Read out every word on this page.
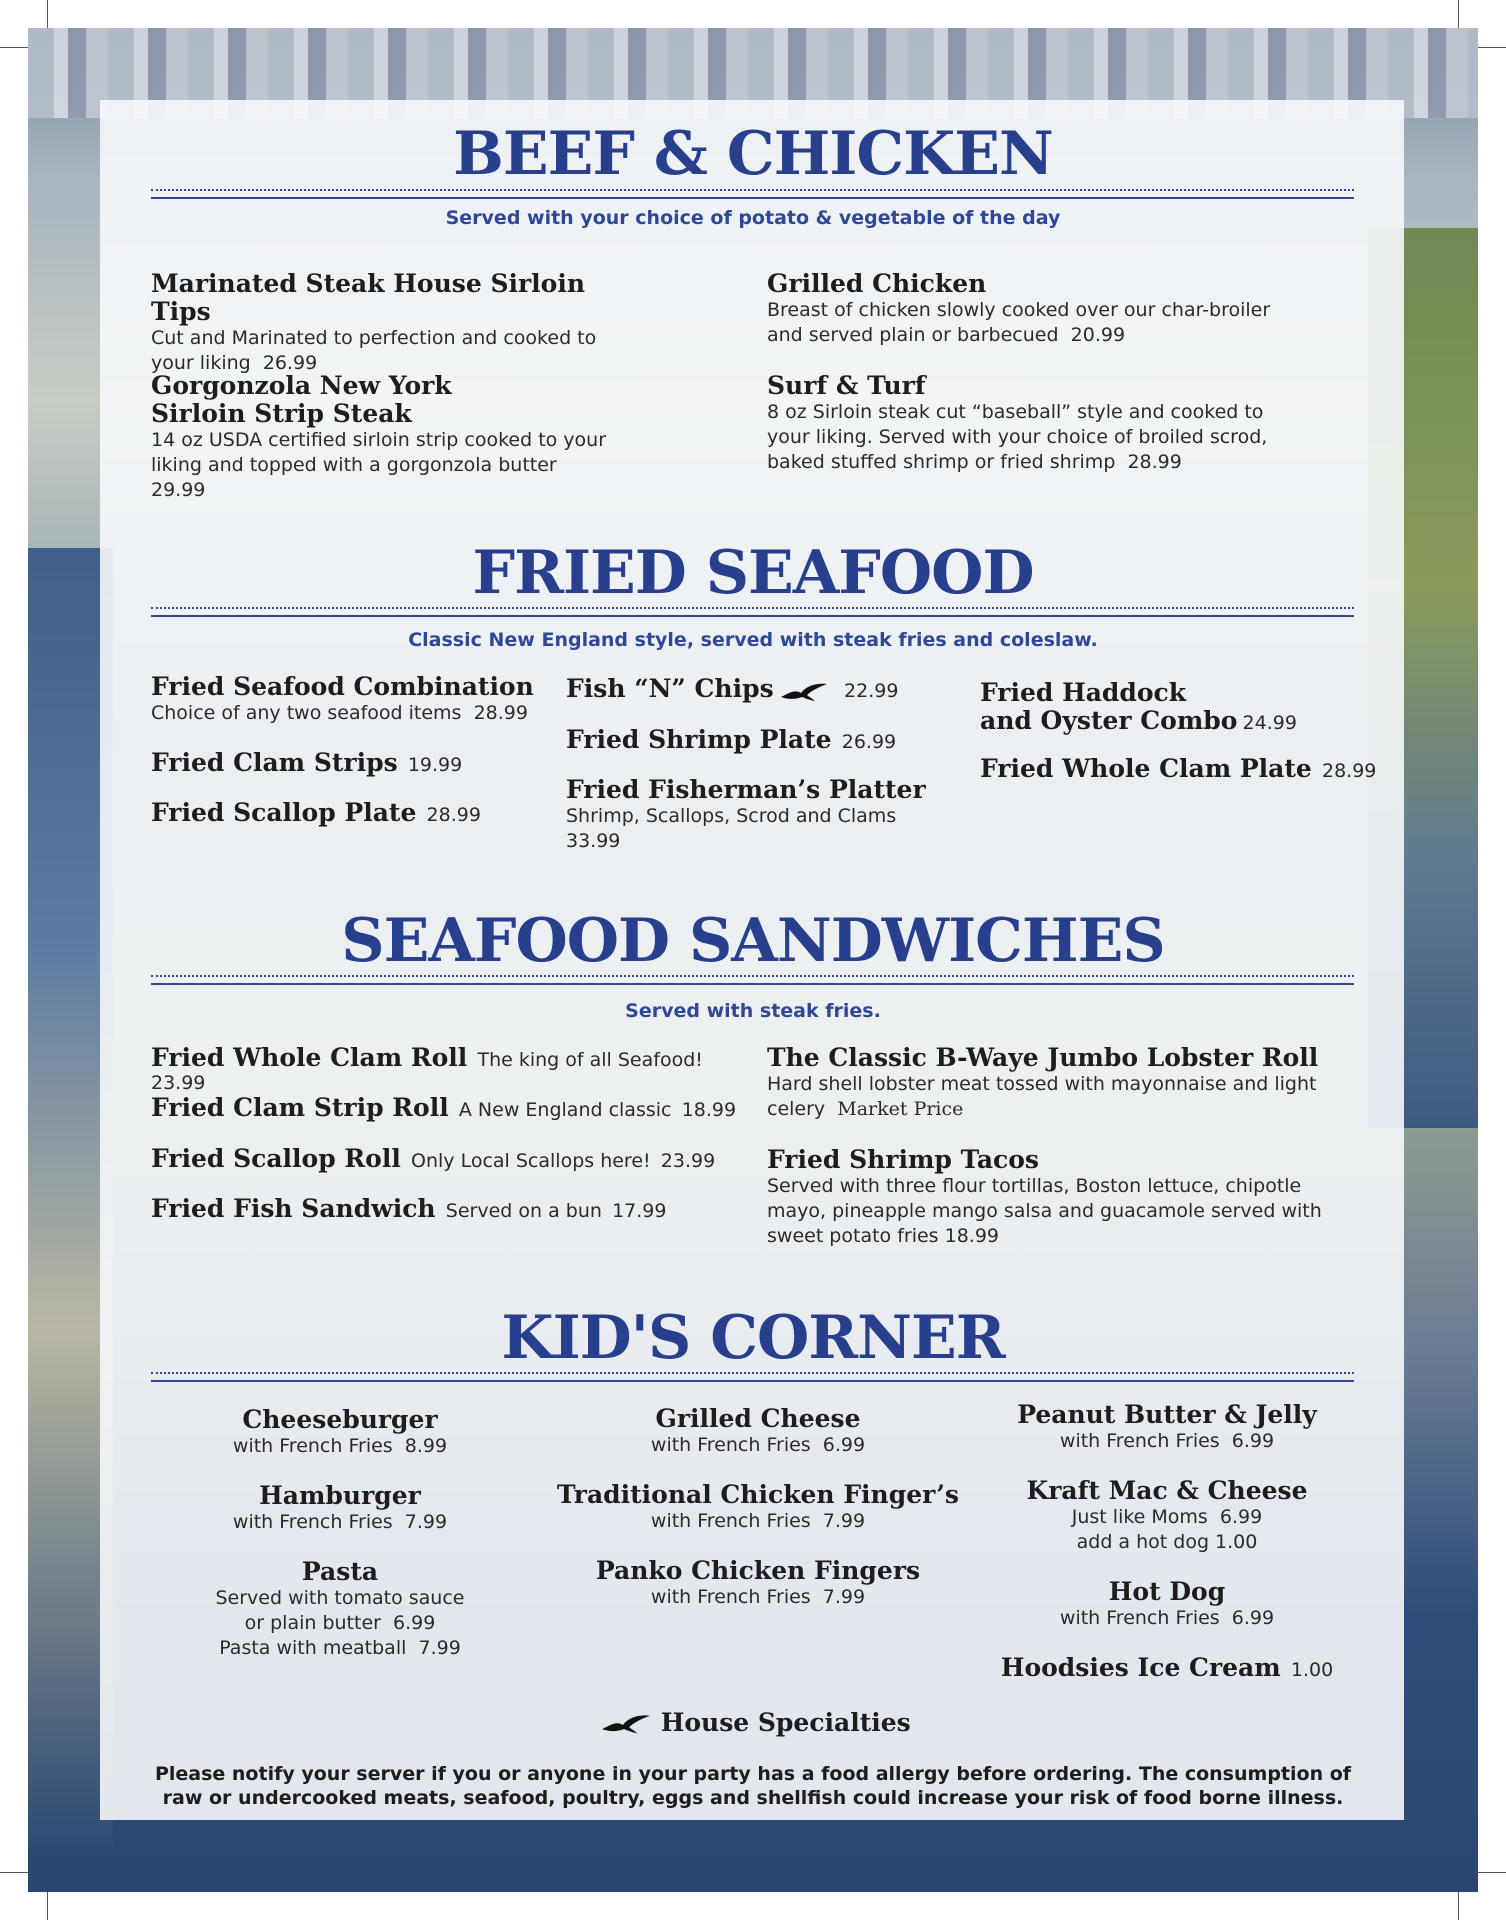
BEEF & CHICKEN
Served with your choice of potato & vegetable of the day
Marinated Steak House Sirloin Tips
Cut and Marinated to perfection and cooked to your liking 26.99
Gorgonzola New York
Sirloin Strip Steak
14 oz USDA certified sirloin strip cooked to your liking and topped with a gorgonzola butter
29.99
Grilled Chicken
Breast of chicken slowly cooked over our char-broiler and served plain or barbecued 20.99
Surf & Turf
8 oz Sirloin steak cut “baseball” style and cooked to your liking. Served with your choice of broiled scrod, baked stuffed shrimp or fried shrimp 28.99
FRIED SEAFOOD
Classic New England style, served with steak fries and coleslaw.
Fried Seafood Combination
Choice of any two seafood items 28.99
Fried Clam Strips 19.99
Fried Scallop Plate 28.99
Fish “N” Chips	22.99
Fried Shrimp Plate 26.99
Fried Fisherman’s Platter
Shrimp, Scallops, Scrod and Clams
33.99
Fried Haddock
and Oyster Combo 24.99
Fried Whole Clam Plate 28.99
SEAFOOD SANDWICHES
Served with steak fries.
Fried Whole Clam Roll The king of all Seafood!  23.99
Fried Clam Strip Roll A New England classic 18.99
Fried Scallop Roll Only Local Scallops here! 23.99
Fried Fish Sandwich Served on a bun 17.99
The Classic B-Waye Jumbo Lobster Roll
Hard shell lobster meat tossed with mayonnaise and light celery Market Price
Fried Shrimp Tacos
Served with three flour tortillas, Boston lettuce, chipotle mayo, pineapple mango salsa and guacamole served with sweet potato fries 18.99
KID'S CORNER
Cheeseburger
with French Fries 8.99
Hamburger
with French Fries 7.99
Pasta
Served with tomato sauce
or plain butter 6.99
Pasta with meatball 7.99
Grilled Cheese
with French Fries 6.99
Traditional Chicken Finger’s
with French Fries 7.99
Panko Chicken Fingers
with French Fries 7.99
Peanut Butter & Jelly
with French Fries 6.99
Kraft Mac & Cheese
Just like Moms 6.99
add a hot dog 1.00
Hot Dog
with French Fries 6.99
Hoodsies Ice Cream 1.00
House Specialties
Please notify your server if you or anyone in your party has a food allergy before ordering. The consumption of raw or undercooked meats, seafood, poultry, eggs and shellfish could increase your risk of food borne illness.
